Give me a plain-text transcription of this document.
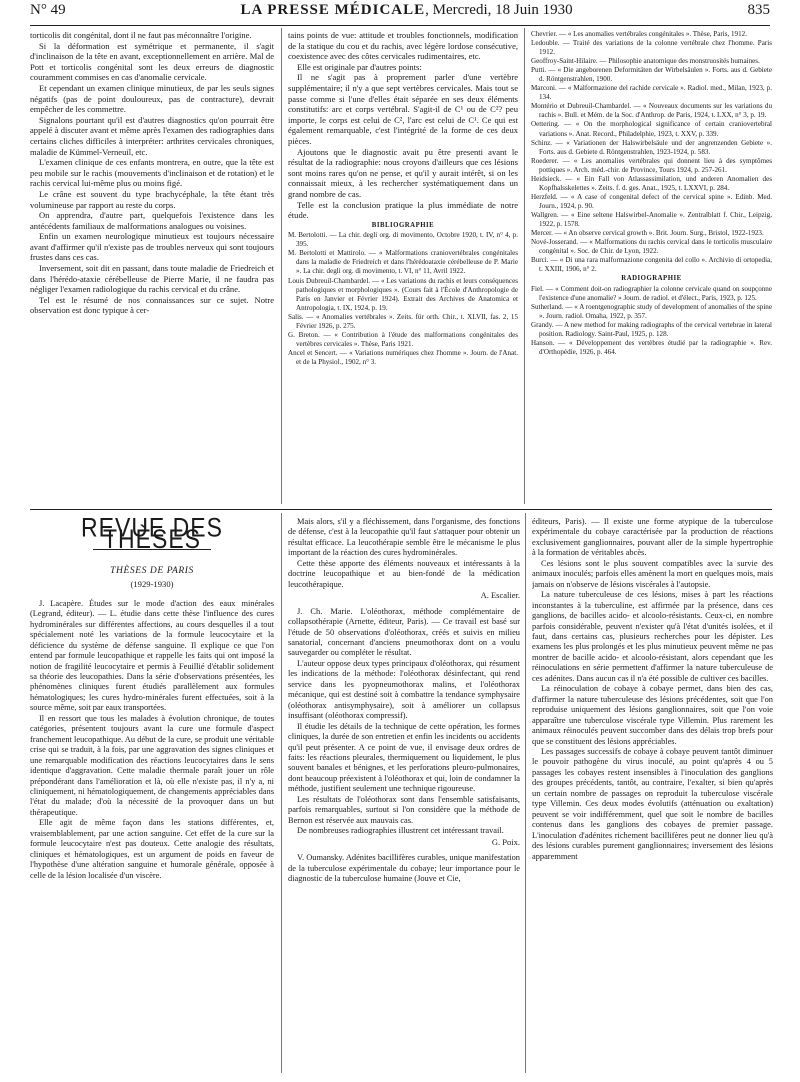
N° 49	LA PRESSE MÉDICALE, Mercredi, 18 Juin 1930	835

torticolis dit congénital, dont il ne faut pas méconnaître l'origine.

Si la déformation est symétrique et permanente, il s'agit d'inclinaison de la tête en avant, exceptionnellement en arrière. Mal de Pott et torticolis congénital sont les deux erreurs de diagnostic couramment commises en cas d'anomalie cervicale.

Et cependant un examen clinique minutieux, de par les seuls signes négatifs (pas de point douloureux, pas de contracture), devrait empêcher de les commettre.

Signalons pourtant qu'il est d'autres diagnostics qu'on pourrait être appelé à discuter avant et même après l'examen des radiographies dans certains cliches difficiles à interpréter: arthrites cervicales chroniques, maladie de Kümmel-Verneuil, etc.

L'examen clinique de ces enfants montrera, en outre, que la tête est peu mobile sur le rachis (mouvements d'inclinaison et de rotation) et le rachis cervical lui-même plus ou moins figé.

Le crâne est souvent du type brachycéphale, la tête étant très volumineuse par rapport au reste du corps.

On apprendra, d'autre part, quelquefois l'existence dans les antécédents familiaux de malformations analogues ou voisines.

Enfin un examen neurologique minutieux est toujours nécessaire avant d'affirmer qu'il n'existe pas de troubles nerveux qui sont toujours frustes dans ces cas.

Inversement, soit dit en passant, dans toute maladie de Friedreich et dans l'hérédo-ataxie cérébelleuse de Pierre Marie, il ne faudra pas négliger l'examen radiologique du rachis cervical et du crâne.

Tel est le résumé de nos connaissances sur ce sujet. Notre observation est donc typique à cer-

tains points de vue: attitude et troubles fonctionnels, modification de la statique du cou et du rachis, avec légère lordose consécutive, coexistence avec des côtes cervicales rudimentaires, etc.

Elle est originale par d'autres points:

Il ne s'agit pas à proprement parler d'une vertèbre supplémentaire; il n'y a que sept vertèbres cervicales. Mais tout se passe comme si l'une d'elles était séparée en ses deux éléments constitutifs: arc et corps vertébral. S'agit-il de C¹ ou de C²? peu importe, le corps est celui de C², l'arc est celui de C¹. Ce qui est également remarquable, c'est l'intégrité de la forme de ces deux pièces.

Ajoutons que le diagnostic avait pu être presenti avant le résultat de la radiographie: nous croyons d'ailleurs que ces lésions sont moins rares qu'on ne pense, et qu'il y aurait intérêt, si on les connaissait mieux, à les rechercher systématiquement dans un grand nombre de cas.

Telle est la conclusion pratique la plus immédiate de notre étude.

BIBLIOGRAPHIE

M. Bertolotti. — La chir. degli org. di movimento, Octobre 1920, t. IV, n° 4, p. 395.

M. Bertolotti et Mattirolo. — « Malformations craniovertébrales congénitales dans la maladie de Friedreich et dans l'hérédoataxie cérébelleuse de P. Marie ». La chir. degli org. di movimento, t. VI, n° 11, Avril 1922.

Louis Dubreuil-Chambardel. — « Les variations du rachis et leurs conséquences pathologiques et morphologiques ». (Cours fait à l'École d'Anthropologie de Paris en Janvier et Février 1924). Extrait des Archives de Anatomica et Antropologia, t. IX, 1924, p. 19.

Salis. — « Anomalies vertébrales ». Zeits. für orth. Chir., t. XLVII, fas. 2, 15 Février 1926, p. 275.

G. Breton. — « Contribution à l'étude des malformations congénitales des vertèbres cervicales ». Thèse, Paris 1921.

Ancel et Sencert. — « Variations numériques chez l'homme ». Journ. de l'Anat. et de la Physiol., 1902, n° 3.

Chevrier. — « Les anomalies vertébrales congénitales ». Thèse, Paris, 1912.

Ledouble. — Traité des variations de la colonne vertébrale chez l'homme. Paris 1912.

Geoffroy-Saint-Hilaire. — Philosophie anatomique des monstruosités humaines.

Putti. — « Die angeborenen Deformitäten der Wirbelsäulen ». Forts. aus d. Gebiete d. Röntgenstrahlen, 1900.

Marconi. — « Malformazione del rachide cervicale ». Radiol. med., Milan, 1923, p. 134.

Montério et Dubreuil-Chambardel. — « Nouveaux documents sur les variations du rachis ». Bull. et Mém. de la Soc. d'Anthrop. de Paris, 1924, t. LXX, n° 3, p. 19.

Oettering. — « On the morphological significance of certain craniovertebral variations ». Anat. Record., Philadelphie, 1923, t. XXV, p. 339.

Schinz. — « Variationen der Halswirbelsäule und der angrenzenden Gebiete ». Forts. aus d. Gebiete d. Röntgenstrahlen, 1923-1924, p. 583.

Roederer. — « Les anomalies vertébrales qui donnent lieu à des symptômes pottiques ». Arch. méd.-chir. de Province, Tours 1924, p. 257-261.

Heidsieck. — « Ein Fall von Atlassassimilation, und anderen Anomalien des Kopfhalsskelettes ». Zeits. f. d. ges. Anat., 1925, t. LXXVI, p. 284.

Herzfeld. — « A case of congenital defect of the cervical spine ». Edinb. Med. Journ., 1924, p. 90.

Wallgren. — « Eine seltene Halswirbel-Anomalie ». Zentralblatt f. Chir., Leipzig, 1922, p. 1578.

Mercer. — « An observe cervical growth ». Brit. Journ. Surg., Bristol, 1922-1923.

Nové-Josserand. — « Malformations du rachis cervical dans le torticolis musculaire congénital ». Soc. de Chir. de Lyon, 1922.

Burci. — « Di una rara malformazione congenita del collo ». Archivio di ortopedia, t. XXIII, 1906, n° 2.

RADIOGRAPHIE

Fiel. — « Comment doit-on radiographier la colonne cervicale quand on soupçonne l'existence d'une anomalie? » Journ. de radiol. et d'élect., Paris, 1923, p. 125.

Sutherland. — « A roentgenographic study of development of anomalies of the spine ». Journ. radiol. Omaha, 1922, p. 357.

Grandy. — A new method for making radiographs of the cervical vertebrae in lateral position. Radiology. Saint-Paul, 1925, p. 128.

Hanson. — « Développement des vertèbres étudié par la radiographie ». Rev. d'Orthopédie, 1926, p. 464.

REVUE DES THÈSES
THÈSES DE PARIS
(1929-1930)

J. Lacapère. Études sur le mode d'action des eaux minérales (Legrand, éditeur). — L. étudie dans cette thèse l'influence des cures hydrominérales sur différentes affections, au cours desquelles il a tout spécialement noté les variations de la formule leucocytaire et la déficience du système de défense sanguine. Il explique ce que l'on entend par formule leucopathique et rappelle les faits qui ont imposé la notion de fragilité leucocytaire et permis à Feuillié d'établir solidement sa théorie des leucopathies. Dans la série d'observations présentées, les phénomènes cliniques furent étudiés parallèlement aux formules hématologiques; les cures hydro-minérales furent effectuées, soit à la source même, soit par eaux transportées.

Il en ressort que tous les malades à évolution chronique, de toutes catégories, présentent toujours avant la cure une formule d'aspect franchement leucopathique. Au début de la cure, se produit une véritable crise qui se traduit, à la fois, par une aggravation des signes cliniques et une remarquable modification des réactions leucocytaires dans le sens identique d'aggravation. Cette maladie thermale paraît jouer un rôle prépondérant dans l'amélioration et là, où elle n'existe pas, il n'y a, ni cliniquement, ni hématologiquement, de changements appréciables dans l'état du malade; d'où la nécessité de la provoquer dans un but thérapeutique.

Elle agit de même façon dans les stations différentes, et, vraisemblablement, par une action sanguine. Cet effet de la cure sur la formule leucocytaire n'est pas douteux. Cette analogie des résultats, cliniques et hématologiques, est un argument de poids en faveur de l'hypothèse d'une altération sanguine et humorale générale, opposée à celle de la lésion localisée d'un viscère.

Mais alors, s'il y a fléchissement, dans l'organisme, des fonctions de défense, c'est à la leucopathie qu'il faut s'attaquer pour obtenir un résultat efficace. La leucothérapie semble être le mécanisme le plus important de la réaction des cures hydrominérales.

Cette thèse apporte des éléments nouveaux et intéressants à la doctrine leucopathique et au bien-fondé de la médication leucothérapique.

A. Escalier.

J. Ch. Marie. L'oléothorax, méthode complémentaire de collapsothérapie (Arnette, éditeur, Paris). — Ce travail est basé sur l'étude de 50 observations d'oléothorax, créés et suivis en milieu sanatorial, concernant d'anciens pneumothorax dont on a voulu sauvegarder ou compléter le résultat.

L'auteur oppose deux types principaux d'oléothorax, qui résument les indications de la méthode: l'oléothorax désinfectant, qui rend service dans les pyopneumothorax malins, et l'oléothorax mécanique, qui est destiné soit à combattre la tendance symphysaire (oléothorax antisymphysaire), soit à améliorer un collapsus insuffisant (oléothorax compressif).

Il étudie les détails de la technique de cette opération, les formes cliniques, la durée de son entretien et enfin les incidents ou accidents qu'il peut présenter. A ce point de vue, il envisage deux ordres de faits: les réactions pleurales, thermiquement ou liquidement, le plus souvent banales et bénignes, et les perforations pleuro-pulmonaires, dont beaucoup préexistent à l'oléothorax et qui, loin de condamner la méthode, justifient seulement une technique rigoureuse.

Les résultats de l'oléothorax sont dans l'ensemble satisfaisants, parfois remarquables, surtout si l'on considère que la méthode de Bernon est réservée aux mauvais cas.

De nombreuses radiographies illustrent cet intéressant travail.

G. Poix.

V. Oumansky. Adénites bacillifères curables, unique manifestation de la tuberculose expérimentale du cobaye; leur importance pour le diagnostic de la tuberculose humaine (Jouve et Cie,

éditeurs, Paris). — Il existe une forme atypique de la tuberculose expérimentale du cobaye caractérisée par la production de réactions exclusivement ganglionnaires, pouvant aller de la simple hypertrophie à la formation de véritables abcès.

Ces lésions sont le plus souvent compatibles avec la survie des animaux inoculés; parfois elles amènent la mort en quelques mois, mais jamais on n'observe de lésions viscérales à l'autopsie.

La nature tuberculeuse de ces lésions, mises à part les réactions inconstantes à la tuberculine, est affirmée par la présence, dans ces ganglions, de bacilles acido- et alcoolo-résistants. Ceux-ci, en nombre parfois considérable, peuvent n'exister qu'à l'état d'unités isolées, et il faut, dans certains cas, plusieurs recherches pour les dépister. Les examens les plus prolongés et les plus minutieux peuvent même ne pas montrer de bacille acido- et alcoolo-résistant, alors cependant que les réinoculations en série permettent d'affirmer la nature tuberculeuse de ces adénites. Dans aucun cas il n'a été possible de cultiver ces bacilles.

La réinoculation de cobaye à cobaye permet, dans bien des cas, d'affirmer la nature tuberculeuse des lésions précédentes, soit que l'on reproduise uniquement des lésions ganglionnaires, soit que l'on voie apparaître une tuberculose viscérale type Villemin. Plus rarement les animaux réinoculés peuvent succomber dans des délais trop brefs pour que se constituent des lésions appréciables.

Les passages successifs de cobaye à cobaye peuvent tantôt diminuer le pouvoir pathogène du virus inoculé, au point qu'après 4 ou 5 passages les cobayes restent insensibles à l'inoculation des ganglions des groupes précédents, tantôt, au contraire, l'exalter, si bien qu'après un certain nombre de passages on reproduit la tuberculose viscérale type Villemin. Ces deux modes évolutifs (atténuation ou exaltation) peuvent se voir indifféremment, quel que soit le nombre de bacilles contenus dans les ganglions des cobayes de premier passage. L'inoculation d'adénites richement bacillifères peut ne donner lieu qu'à des lésions curables purement ganglionnaires; inversement des lésions apparemment
